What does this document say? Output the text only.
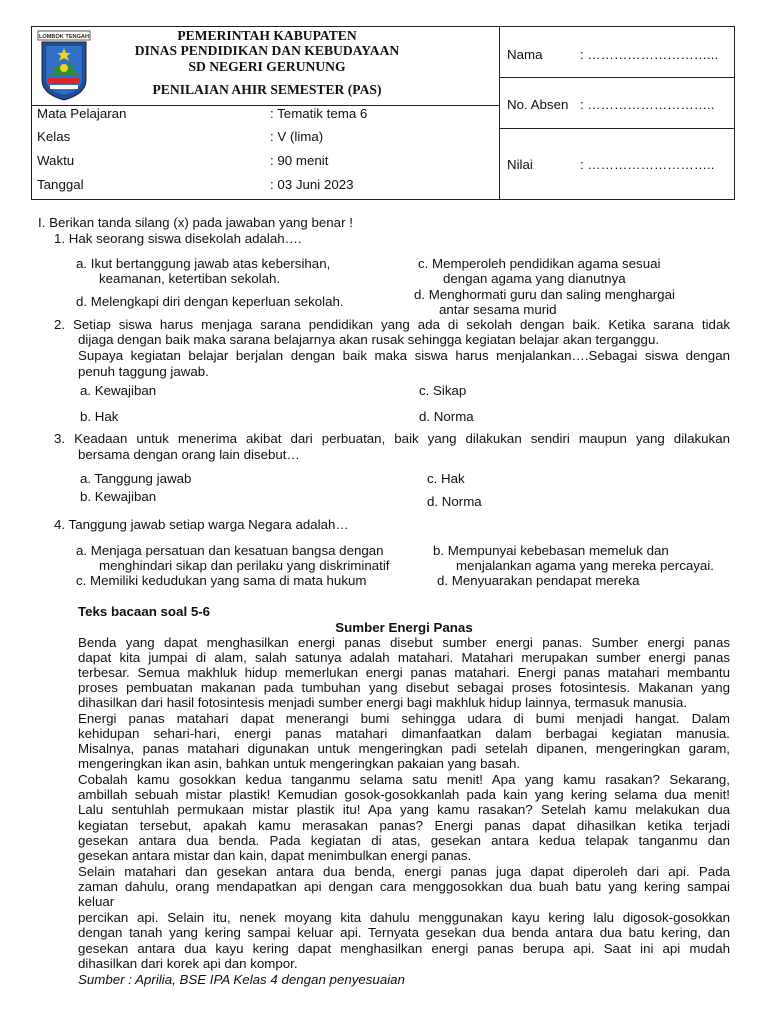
LOMBOK TENGAH	PEMERINTAH KABUPATEN
DINAS PENDIDIKAN DAN KEBUDAYAAN
SD NEGERI GERUNUNG
PENILAIAN AHIR SEMESTER (PAS)
Mata Pelajaran	: Tematik tema 6
Kelas	: V (lima)
Waktu	: 90 menit
Tanggal	: 03 Juni 2023
Nama	: ………………………...
No. Absen : ………………………..
Nilai	: ………………………..
I. Berikan tanda silang (x) pada jawaban yang benar !
1. Hak seorang siswa disekolah adalah….
a. Ikut bertanggung jawab atas kebersihan,
keamanan, ketertiban sekolah.
c. Memperoleh pendidikan agama sesuai
dengan agama yang dianutnya
d. Melengkapi diri dengan keperluan sekolah.	d. Menghormati guru dan saling menghargai
antar sesama murid
2. Setiap siswa harus menjaga sarana pendidikan yang ada di sekolah dengan baik. Ketika sarana tidak
dijaga dengan baik maka sarana belajarnya akan rusak sehingga kegiatan belajar akan terganggu.
Supaya kegiatan belajar berjalan dengan baik maka siswa harus menjalankan….Sebagai siswa dengan
penuh taggung jawab.
a. Kewajiban	c. Sikap
b. Hak	d. Norma
3. Keadaan untuk menerima akibat dari perbuatan, baik yang dilakukan sendiri maupun yang dilakukan
bersama dengan orang lain disebut…
a. Tanggung jawab	c. Hak
b. Kewajiban	d. Norma
4. Tanggung jawab setiap warga Negara adalah…
a. Menjaga persatuan dan kesatuan bangsa dengan
menghindari sikap dan perilaku yang diskriminatif
b. Mempunyai kebebasan memeluk dan
menjalankan agama yang mereka percayai.
c. Memiliki kedudukan yang sama di mata hukum	d. Menyuarakan pendapat mereka
Teks bacaan soal 5-6
Sumber Energi Panas
Benda yang dapat menghasilkan energi panas disebut sumber energi panas. Sumber energi panas
dapat kita jumpai di alam, salah satunya adalah matahari. Matahari merupakan sumber energi panas
terbesar. Semua makhluk hidup memerlukan energi panas matahari. Energi panas matahari membantu
proses pembuatan makanan pada tumbuhan yang disebut sebagai proses fotosintesis. Makanan yang
dihasilkan dari hasil fotosintesis menjadi sumber energi bagi makhluk hidup lainnya, termasuk manusia.
Energi panas matahari dapat menerangi bumi sehingga udara di bumi menjadi hangat. Dalam
kehidupan sehari-hari, energi panas matahari dimanfaatkan dalam berbagai kegiatan manusia.
Misalnya, panas matahari digunakan untuk mengeringkan padi setelah dipanen, mengeringkan garam,
mengeringkan ikan asin, bahkan untuk mengeringkan pakaian yang basah.
Cobalah kamu gosokkan kedua tanganmu selama satu menit! Apa yang kamu rasakan? Sekarang,
ambillah sebuah mistar plastik! Kemudian gosok-gosokkanlah pada kain yang kering selama dua menit!
Lalu sentuhlah permukaan mistar plastik itu! Apa yang kamu rasakan? Setelah kamu melakukan dua
kegiatan tersebut, apakah kamu merasakan panas? Energi panas dapat dihasilkan ketika terjadi
gesekan antara dua benda. Pada kegiatan di atas, gesekan antara kedua telapak tanganmu dan
gesekan antara mistar dan kain, dapat menimbulkan energi panas.
Selain matahari dan gesekan antara dua benda, energi panas juga dapat diperoleh dari api. Pada
zaman dahulu, orang mendapatkan api dengan cara menggosokkan dua buah batu yang kering sampai
keluar
percikan api. Selain itu, nenek moyang kita dahulu menggunakan kayu kering lalu digosok-gosokkan
dengan tanah yang kering sampai keluar api. Ternyata gesekan dua benda antara dua batu kering, dan
gesekan antara dua kayu kering dapat menghasilkan energi panas berupa api. Saat ini api mudah
dihasilkan dari korek api dan kompor.
Sumber : Aprilia, BSE IPA Kelas 4 dengan penyesuaian
